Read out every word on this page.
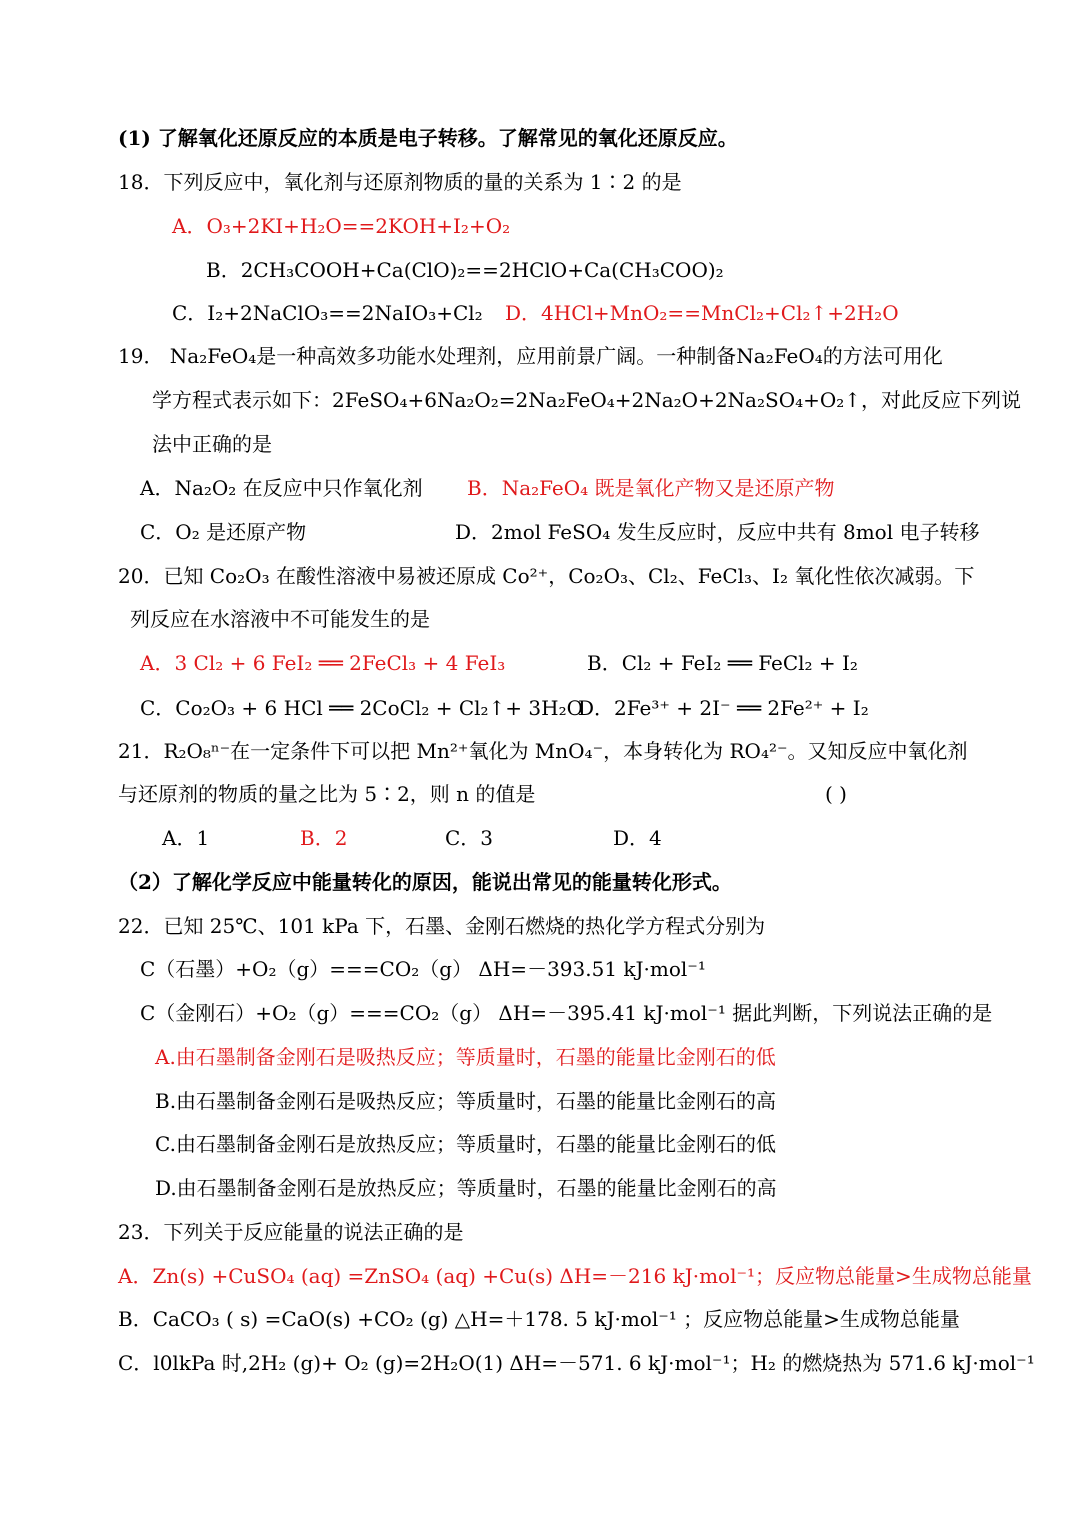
(1) 了解氧化还原反应的本质是电子转移。了解常见的氧化还原反应。
18．下列反应中，氧化剂与还原剂物质的量的关系为 1∶2 的是
A．O₃+2KI+H₂O==2KOH+I₂+O₂
B．2CH₃COOH+Ca(ClO)₂==2HClO+Ca(CH₃COO)₂
C．I₂+2NaClO₃==2NaIO₃+Cl₂ D．4HCl+MnO₂==MnCl₂+Cl₂↑+2H₂O
19． Na₂FeO₄是一种高效多功能水处理剂，应用前景广阔。一种制备Na₂FeO₄的方法可用化
学方程式表示如下：2FeSO₄+6Na₂O₂=2Na₂FeO₄+2Na₂O+2Na₂SO₄+O₂↑，对此反应下列说
法中正确的是
A．Na₂O₂ 在反应中只作氧化剂 B．Na₂FeO₄ 既是氧化产物又是还原产物
C．O₂ 是还原产物	D．2mol FeSO₄ 发生反应时，反应中共有 8mol 电子转移
20．已知 Co₂O₃ 在酸性溶液中易被还原成 Co²⁺，Co₂O₃、Cl₂、FeCl₃、I₂ 氧化性依次减弱。下
列反应在水溶液中不可能发生的是
A．3 Cl₂ + 6 FeI₂ ══ 2FeCl₃ + 4 FeI₃	B．Cl₂ + FeI₂ ══ FeCl₂ + I₂
C．Co₂O₃ + 6 HCl ══ 2CoCl₂ + Cl₂↑+ 3H₂O
D．2Fe³⁺ + 2I⁻ ══ 2Fe²⁺ + I₂
21．R₂O₈ⁿ⁻在一定条件下可以把 Mn²⁺氧化为 MnO₄⁻，本身转化为 RO₄²⁻。又知反应中氧化剂
与还原剂的物质的量之比为 5∶2，则 n 的值是	( )
A．1	B．2	C．3	D．4
（2）了解化学反应中能量转化的原因，能说出常见的能量转化形式。
22．已知 25℃、101 kPa 下，石墨、金刚石燃烧的热化学方程式分别为
C（石墨）+O₂（g）===CO₂（g） ΔH=－393.51 kJ·mol⁻¹
C（金刚石）+O₂（g）===CO₂（g） ΔH=－395.41 kJ·mol⁻¹ 据此判断，下列说法正确的是
A.由石墨制备金刚石是吸热反应；等质量时，石墨的能量比金刚石的低
B.由石墨制备金刚石是吸热反应；等质量时，石墨的能量比金刚石的高
C.由石墨制备金刚石是放热反应；等质量时，石墨的能量比金刚石的低
D.由石墨制备金刚石是放热反应；等质量时，石墨的能量比金刚石的高
23．下列关于反应能量的说法正确的是
A．Zn(s) +CuSO₄ (aq) =ZnSO₄ (aq) +Cu(s) ΔH=－216 kJ·mol⁻¹；反应物总能量>生成物总能量
B．CaCO₃ ( s) =CaO(s) +CO₂ (g) △H=＋178. 5 kJ·mol⁻¹ ；反应物总能量>生成物总能量
C．l0lkPa 时,2H₂ (g)+ O₂ (g)=2H₂O(1) ΔH=－571. 6 kJ·mol⁻¹；H₂ 的燃烧热为 571.6 kJ·mol⁻¹
